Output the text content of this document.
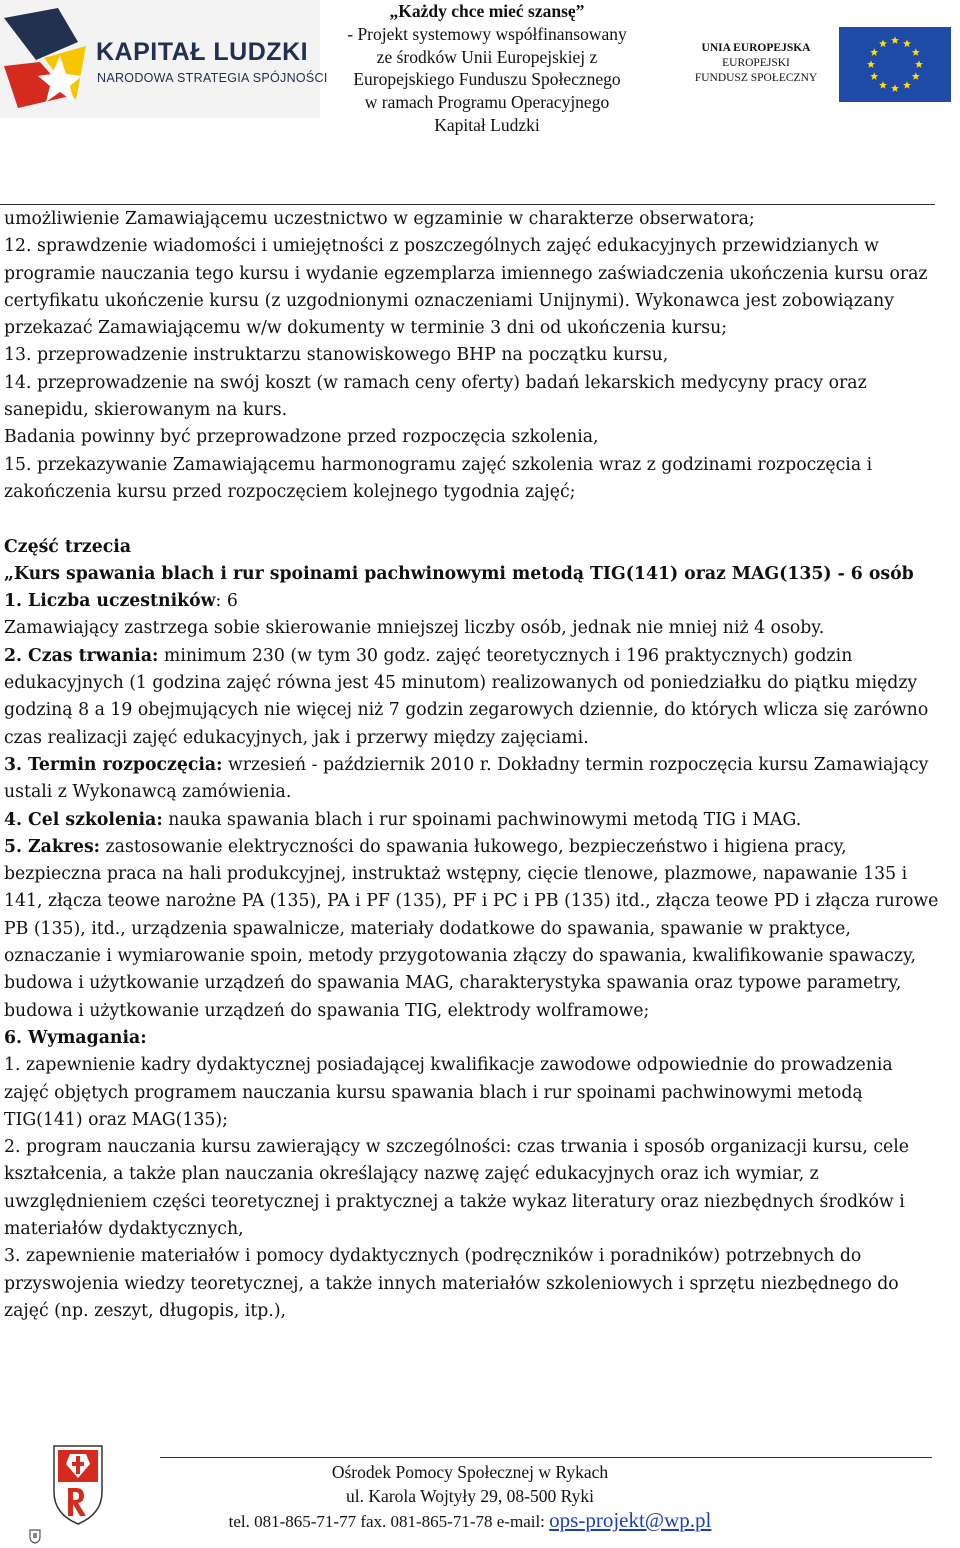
KAPITAŁ LUDZKI
NARODOWA STRATEGIA SPÓJNOŚCI
„Każdy chce mieć szansę”
- Projekt systemowy współfinansowany
ze środków Unii Europejskiej z
Europejskiego Funduszu Społecznego
w ramach Programu Operacyjnego
Kapitał Ludzki
UNIA EUROPEJSKA
EUROPEJSKI
FUNDUSZ SPOŁECZNY

umożliwienie Zamawiającemu uczestnictwo w egzaminie w charakterze obserwatora;

12. sprawdzenie wiadomości i umiejętności z poszczególnych zajęć edukacyjnych przewidzianych w programie nauczania tego kursu i wydanie egzemplarza imiennego zaświadczenia ukończenia kursu oraz certyfikatu ukończenie kursu (z uzgodnionymi oznaczeniami Unijnymi). Wykonawca jest zobowiązany przekazać Zamawiającemu w/w dokumenty w terminie 3 dni od ukończenia kursu;

13. przeprowadzenie instruktarzu stanowiskowego BHP na początku kursu,

14. przeprowadzenie na swój koszt (w ramach ceny oferty) badań lekarskich medycyny pracy oraz sanepidu, skierowanym na kurs.

Badania powinny być przeprowadzone przed rozpoczęcia szkolenia,

15. przekazywanie Zamawiającemu harmonogramu zajęć szkolenia wraz z godzinami rozpoczęcia i zakończenia kursu przed rozpoczęciem kolejnego tygodnia zajęć;

Część trzecia

„Kurs spawania blach i rur spoinami pachwinowymi metodą TIG(141) oraz MAG(135) - 6 osób

1. Liczba uczestników: 6

Zamawiający zastrzega sobie skierowanie mniejszej liczby osób, jednak nie mniej niż 4 osoby.

2. Czas trwania: minimum 230 (w tym 30 godz. zajęć teoretycznych i 196 praktycznych) godzin edukacyjnych (1 godzina zajęć równa jest 45 minutom) realizowanych od poniedziałku do piątku między godziną 8 a 19 obejmujących nie więcej niż 7 godzin zegarowych dziennie, do których wlicza się zarówno czas realizacji zajęć edukacyjnych, jak i przerwy między zajęciami.

3. Termin rozpoczęcia: wrzesień - październik 2010 r. Dokładny termin rozpoczęcia kursu Zamawiający ustali z Wykonawcą zamówienia.

4. Cel szkolenia: nauka spawania blach i rur spoinami pachwinowymi metodą TIG i MAG.

5. Zakres: zastosowanie elektryczności do spawania łukowego, bezpieczeństwo i higiena pracy, bezpieczna praca na hali produkcyjnej, instruktaż wstępny, cięcie tlenowe, plazmowe, napawanie 135 i 141, złącza teowe narożne PA (135), PA i PF (135), PF i PC i PB (135) itd., złącza teowe PD i złącza rurowe PB (135), itd., urządzenia spawalnicze, materiały dodatkowe do spawania, spawanie w praktyce, oznaczanie i wymiarowanie spoin, metody przygotowania złączy do spawania, kwalifikowanie spawaczy, budowa i użytkowanie urządzeń do spawania MAG, charakterystyka spawania oraz typowe parametry, budowa i użytkowanie urządzeń do spawania TIG, elektrody wolframowe;

6. Wymagania:

1. zapewnienie kadry dydaktycznej posiadającej kwalifikacje zawodowe odpowiednie do prowadzenia zajęć objętych programem nauczania kursu spawania blach i rur spoinami pachwinowymi metodą TIG(141) oraz MAG(135);

2. program nauczania kursu zawierający w szczególności: czas trwania i sposób organizacji kursu, cele kształcenia, a także plan nauczania określający nazwę zajęć edukacyjnych oraz ich wymiar, z uwzględnieniem części teoretycznej i praktycznej a także wykaz literatury oraz niezbędnych środków i materiałów dydaktycznych,

3. zapewnienie materiałów i pomocy dydaktycznych (podręczników i poradników) potrzebnych do przyswojenia wiedzy teoretycznej, a także innych materiałów szkoleniowych i sprzętu niezbędnego do zajęć (np. zeszyt, długopis, itp.),

Ośrodek Pomocy Społecznej w Rykach
ul. Karola Wojtyły 29, 08-500 Ryki
tel. 081-865-71-77 fax. 081-865-71-78 e-mail: ops-projekt@wp.pl
